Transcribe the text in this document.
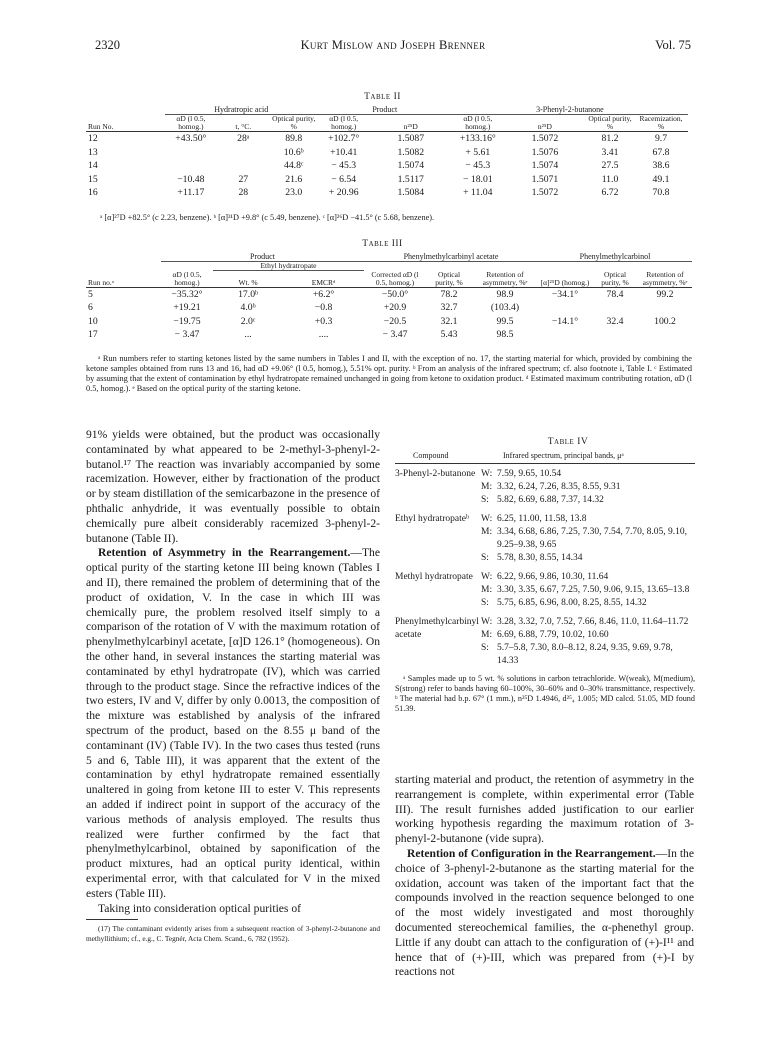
2320	Kurt Mislow and Joseph Brenner	Vol. 75
Table II
	Hydratropic acid			Product		3-Phenyl-2-butanone			
Run No.	αD (l 0.5, homog.)	t, °C.	Optical purity, %	αD (l 0.5, homog.)	n²⁵D	αD (l 0.5, homog.)	n²⁵D	Optical purity, %	Racemization, %
12	+43.50°	28ᵃ	89.8	+102.7°	1.5087	+133.16°	1.5072	81.2	9.7
13			10.6ᵇ	+10.41	1.5082	+ 5.61	1.5076	3.41	67.8
14			44.8ᶜ	− 45.3	1.5074	− 45.3	1.5074	27.5	38.6
15	−10.48	27	21.6	− 6.54	1.5117	− 18.01	1.5071	11.0	49.1
16	+11.17	28	23.0	+ 20.96	1.5084	+ 11.04	1.5072	6.72	70.8
ᵃ [α]²⁷D +82.5° (c 2.23, benzene). ᵇ [α]³¹D +9.8° (c 5.49, benzene). ᶜ [α]²⁶D −41.5° (c 5.68, benzene).
Table III
	Product			Phenylmethylcarbinyl acetate			Phenylmethylcarbinol		
		Ethyl hydratropate							
Run no.ᵃ	αD (l 0.5, homog.)	Wt. %	EMCRᵈ	Corrected αD (l 0.5, homog.)	Optical purity, %	Retention of asymmetry, %ᵉ	[α]²⁵D (homog.)	Optical purity, %	Retention of asymmetry, %ᵉ
5	−35.32°	17.0ᵇ	+6.2°	−50.0°	78.2	98.9	−34.1°	78.4	99.2
6	+19.21	4.0ᵇ	−0.8	+20.9	32.7	(103.4)			
10	−19.75	2.0ᶜ	+0.3	−20.5	32.1	99.5	−14.1°	32.4	100.2
17	− 3.47	...	....	− 3.47	5.43	98.5			
ᵃ Run numbers refer to starting ketones listed by the same numbers in Tables I and II, with the exception of no. 17, the starting material for which, provided by combining the ketone samples obtained from runs 13 and 16, had αD +9.06° (l 0.5, homog.), 5.51% opt. purity. ᵇ From an analysis of the infrared spectrum; cf. also footnote i, Table I. ᶜ Estimated by assuming that the extent of contamination by ethyl hydratropate remained unchanged in going from ketone to oxidation product. ᵈ Estimated maximum contributing rotation, αD (l 0.5, homog.). ᵉ Based on the optical purity of the starting ketone.

91% yields were obtained, but the product was occasionally contaminated by what appeared to be 2-methyl-3-phenyl-2-butanol.¹⁷ The reaction was invariably accompanied by some racemization. However, either by fractionation of the product or by steam distillation of the semicarbazone in the presence of phthalic anhydride, it was eventually possible to obtain chemically pure albeit considerably racemized 3-phenyl-2-butanone (Table II).

Retention of Asymmetry in the Rearrangement.—The optical purity of the starting ketone III being known (Tables I and II), there remained the problem of determining that of the product of oxidation, V. In the case in which III was chemically pure, the problem resolved itself simply to a comparison of the rotation of V with the maximum rotation of phenylmethylcarbinyl acetate, [α]D 126.1° (homogeneous). On the other hand, in several instances the starting material was contaminated by ethyl hydratropate (IV), which was carried through to the product stage. Since the refractive indices of the two esters, IV and V, differ by only 0.0013, the composition of the mixture was established by analysis of the infrared spectrum of the product, based on the 8.55 μ band of the contaminant (IV) (Table IV). In the two cases thus tested (runs 5 and 6, Table III), it was apparent that the extent of the contamination by ethyl hydratropate remained essentially unaltered in going from ketone III to ester V. This represents an added if indirect point in support of the accuracy of the various methods of analysis employed. The results thus realized were further confirmed by the fact that phenylmethylcarbinol, obtained by saponification of the product mixtures, had an optical purity identical, within experimental error, with that calculated for V in the mixed esters (Table III).

Taking into consideration optical purities of

(17) The contaminant evidently arises from a subsequent reaction of 3-phenyl-2-butanone and methyllithium; cf., e.g., C. Tegnér, Acta Chem. Scand., 6, 782 (1952).

Table IV
Compound	Infrared spectrum, principal bands, μᵃ
3-Phenyl-2-butanone W: 7.59, 9.65, 10.54
M: 3.32, 6.24, 7.26, 8.35, 8.55, 9.31
S: 5.82, 6.69, 6.88, 7.37, 14.32
Ethyl hydratropateᵇ	W: 6.25, 11.00, 11.58, 13.8
M: 3.34, 6.68, 6.86, 7.25, 7.30, 7.54, 7.70, 8.05, 9.10, 9.25–9.38, 9.65
S: 5.78, 8.30, 8.55, 14.34
Methyl hydratropate W: 6.22, 9.66, 9.86, 10.30, 11.64
M: 3.30, 3.35, 6.67, 7.25, 7.50, 9.06, 9.15, 13.65–13.8
S: 5.75, 6.85, 6.96, 8.00, 8.25, 8.55, 14.32
Phenylmethylcarbinyl acetate
W: 3.28, 3.32, 7.0, 7.52, 7.66, 8.46, 11.0, 11.64–11.72
M: 6.69, 6.88, 7.79, 10.02, 10.60
S: 5.7–5.8, 7.30, 8.0–8.12, 8.24, 9.35, 9.69, 9.78, 14.33
ᵃ Samples made up to 5 wt. % solutions in carbon tetrachloride. W(weak), M(medium), S(strong) refer to bands having 60–100%, 30–60% and 0–30% transmittance, respectively. ᵇ The material had b.p. 67° (1 mm.), n²⁵D 1.4946, d²⁵₄ 1.005; MD calcd. 51.05, MD found 51.39.

starting material and product, the retention of asymmetry in the rearrangement is complete, within experimental error (Table III). The result furnishes added justification to our earlier working hypothesis regarding the maximum rotation of 3-phenyl-2-butanone (vide supra).

Retention of Configuration in the Rearrangement.—In the choice of 3-phenyl-2-butanone as the starting material for the oxidation, account was taken of the important fact that the compounds involved in the reaction sequence belonged to one of the most widely investigated and most thoroughly documented stereochemical families, the α-phenethyl group. Little if any doubt can attach to the configuration of (+)-I¹¹ and hence that of (+)-III, which was prepared from (+)-I by reactions not
